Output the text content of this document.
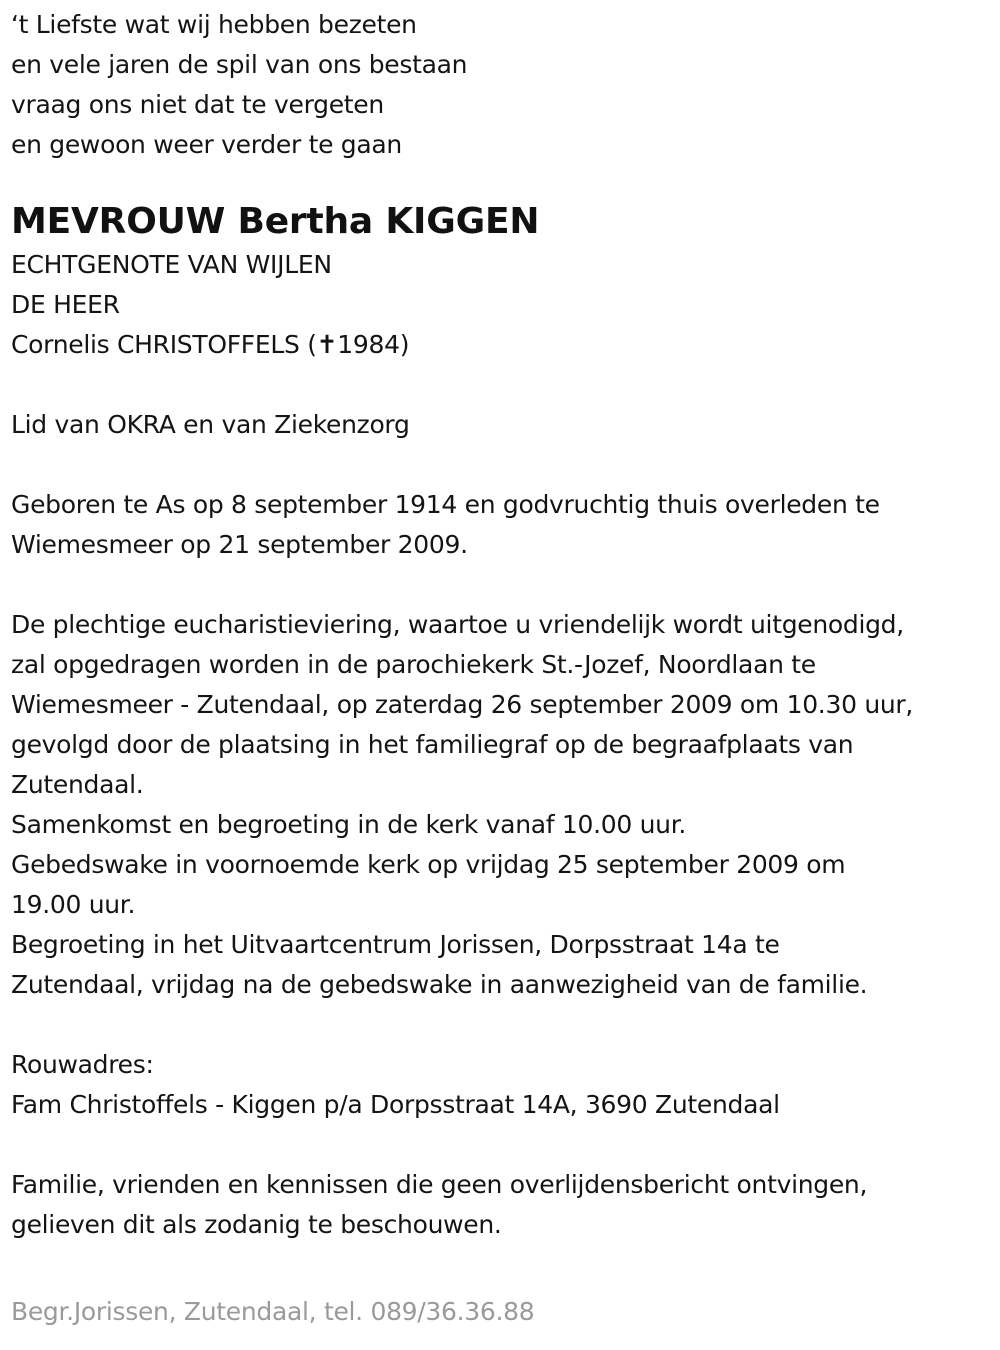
‘t Liefste wat wij hebben bezeten
en vele jaren de spil van ons bestaan
vraag ons niet dat te vergeten
en gewoon weer verder te gaan
MEVROUW Bertha KIGGEN
ECHTGENOTE VAN WIJLEN
DE HEER
Cornelis CHRISTOFFELS (✝1984)
Lid van OKRA en van Ziekenzorg
Geboren te As op 8 september 1914 en godvruchtig thuis overleden te
Wiemesmeer op 21 september 2009.
De plechtige eucharistieviering, waartoe u vriendelijk wordt uitgenodigd,
zal opgedragen worden in de parochiekerk St.-Jozef, Noordlaan te
Wiemesmeer - Zutendaal, op zaterdag 26 september 2009 om 10.30 uur,
gevolgd door de plaatsing in het familiegraf op de begraafplaats van
Zutendaal.
Samenkomst en begroeting in de kerk vanaf 10.00 uur.
Gebedswake in voornoemde kerk op vrijdag 25 september 2009 om
19.00 uur.
Begroeting in het Uitvaartcentrum Jorissen, Dorpsstraat 14a te
Zutendaal, vrijdag na de gebedswake in aanwezigheid van de familie.
Rouwadres:
Fam Christoffels - Kiggen p/a Dorpsstraat 14A, 3690 Zutendaal
Familie, vrienden en kennissen die geen overlijdensbericht ontvingen,
gelieven dit als zodanig te beschouwen.
Begr.Jorissen, Zutendaal, tel. 089/36.36.88
